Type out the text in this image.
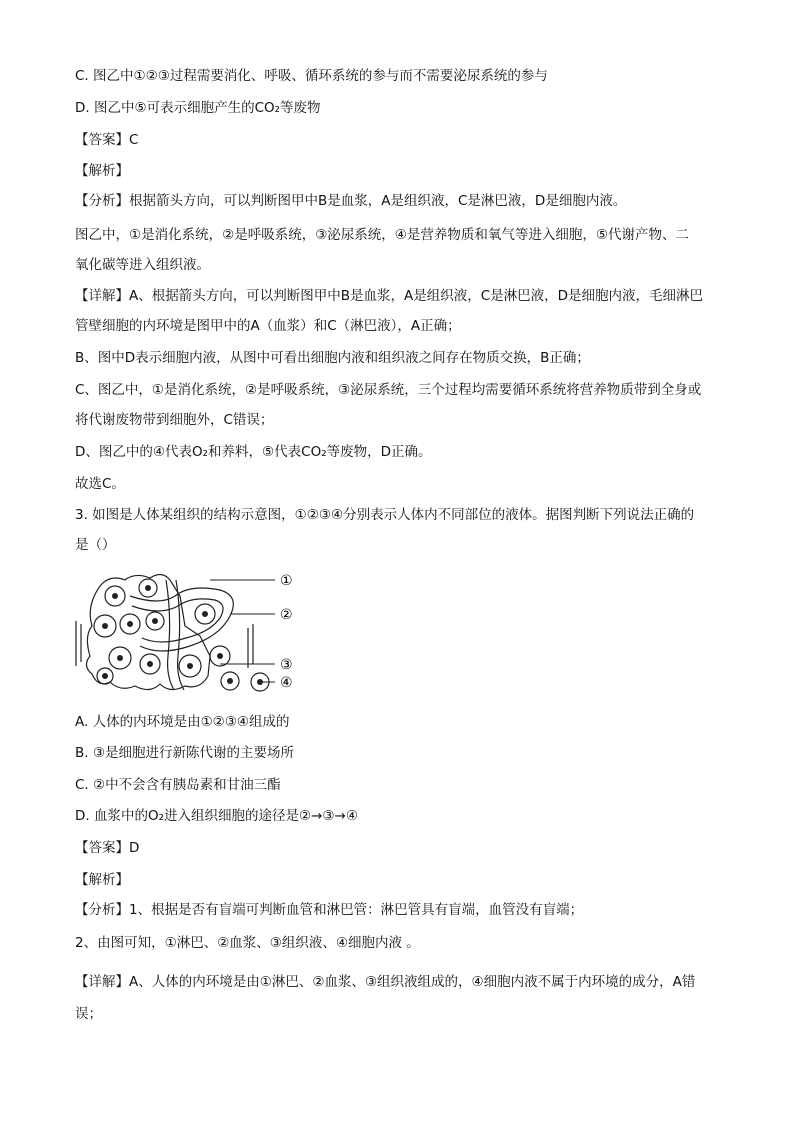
C. 图乙中①②③过程需要消化、呼吸、循环系统的参与而不需要泌尿系统的参与
D. 图乙中⑤可表示细胞产生的CO₂等废物
【答案】C
【解析】
【分析】根据箭头方向，可以判断图甲中B是血浆，A是组织液，C是淋巴液，D是细胞内液。
图乙中，①是消化系统，②是呼吸系统，③泌尿系统，④是营养物质和氧气等进入细胞，⑤代谢产物、二
氧化碳等进入组织液。
【详解】A、根据箭头方向，可以判断图甲中B是血浆，A是组织液，C是淋巴液，D是细胞内液，毛细淋巴
管壁细胞的内环境是图甲中的A（血浆）和C（淋巴液），A正确；
B、图中D表示细胞内液，从图中可看出细胞内液和组织液之间存在物质交换，B正确；
C、图乙中，①是消化系统，②是呼吸系统，③泌尿系统，三个过程均需要循环系统将营养物质带到全身或
将代谢废物带到细胞外，C错误；
D、图乙中的④代表O₂和养料，⑤代表CO₂等废物，D正确。
故选C。
3. 如图是人体某组织的结构示意图，①②③④分别表示人体内不同部位的液体。据图判断下列说法正确的
是（）
①
②
③
④
A. 人体的内环境是由①②③④组成的
B. ③是细胞进行新陈代谢的主要场所
C. ②中不会含有胰岛素和甘油三酯
D. 血浆中的O₂进入组织细胞的途径是②→③→④
【答案】D
【解析】
【分析】1、根据是否有盲端可判断血管和淋巴管：淋巴管具有盲端，血管没有盲端；
2、由图可知，①淋巴、②血浆、③组织液、④细胞内液 。
【详解】A、人体的内环境是由①淋巴、②血浆、③组织液组成的，④细胞内液不属于内环境的成分，A错
误；
